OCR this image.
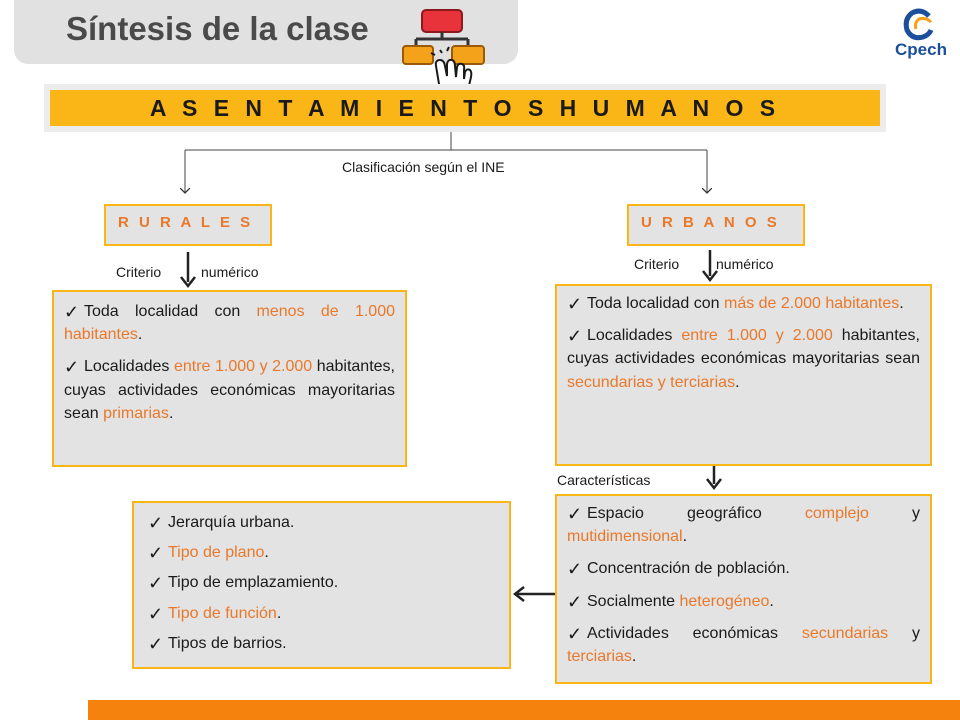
Síntesis de la clase
Cpech
A S E N T A M I E N T O S H U M A N O S
Clasificación según el INE
R U R A L E S	U R B A N O S
Criterio	numérico	Criterio	numérico

✓ Toda localidad con menos de 1.000 habitantes.

✓ Localidades entre 1.000 y 2.000 habitantes, cuyas actividades económicas mayoritarias sean primarias.

✓ Toda localidad con más de 2.000 habitantes.

✓ Localidades entre 1.000 y 2.000 habitantes, cuyas actividades económicas mayoritarias sean secundarias y terciarias.

Características

✓ Espacio geográfico complejo y mutidimensional.

✓ Concentración de población.

✓ Socialmente heterogéneo.

✓ Actividades económicas secundarias y terciarias.

✓ Jerarquía urbana.

✓ Tipo de plano.

✓ Tipo de emplazamiento.

✓ Tipo de función.

✓ Tipos de barrios.
